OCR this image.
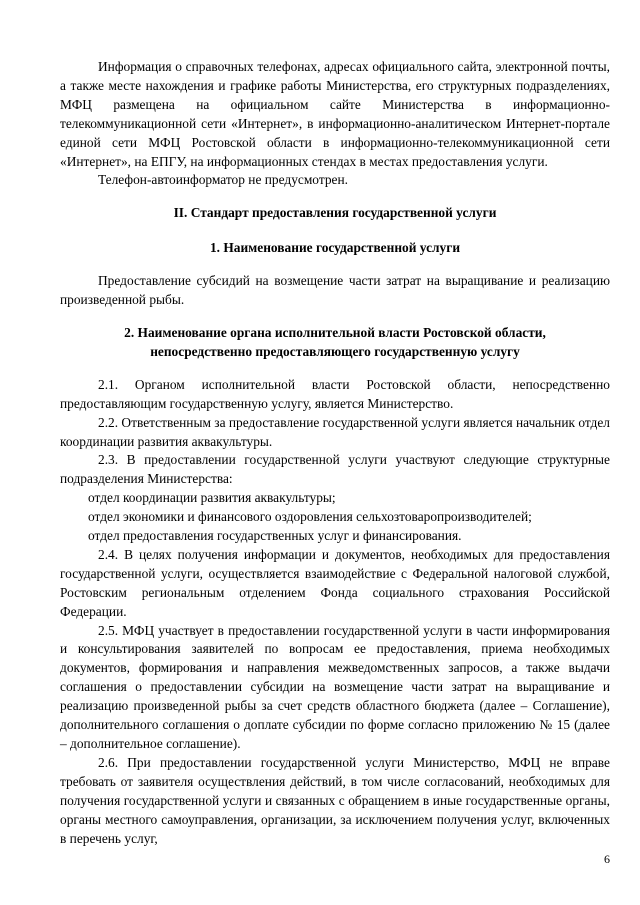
Информация о справочных телефонах, адресах официального сайта, электронной почты, а также месте нахождения и графике работы Министерства, его структурных подразделениях, МФЦ размещена на официальном сайте Министерства в информационно-телекоммуникационной сети «Интернет», в информационно-аналитическом Интернет-портале единой сети МФЦ Ростовской области в информационно-телекоммуникационной сети «Интернет», на ЕПГУ, на информационных стендах в местах предоставления услуги.

Телефон-автоинформатор не предусмотрен.

II. Стандарт предоставления государственной услуги

1. Наименование государственной услуги

Предоставление субсидий на возмещение части затрат на выращивание и реализацию произведенной рыбы.

2. Наименование органа исполнительной власти Ростовской области,
непосредственно предоставляющего государственную услугу

2.1. Органом исполнительной власти Ростовской области, непосредственно предоставляющим государственную услугу, является Министерство.

2.2. Ответственным за предоставление государственной услуги является начальник отдел координации развития аквакультуры.

2.3. В предоставлении государственной услуги участвуют следующие структурные подразделения Министерства:

отдел координации развития аквакультуры;

отдел экономики и финансового оздоровления сельхозтоваропроизводителей;

отдел предоставления государственных услуг и финансирования.

2.4. В целях получения информации и документов, необходимых для предоставления государственной услуги, осуществляется взаимодействие с Федеральной налоговой службой, Ростовским региональным отделением Фонда социального страхования Российской Федерации.

2.5. МФЦ участвует в предоставлении государственной услуги в части информирования и консультирования заявителей по вопросам ее предоставления, приема необходимых документов, формирования и направления межведомственных запросов, а также выдачи соглашения о предоставлении субсидии на возмещение части затрат на выращивание и реализацию произведенной рыбы за счет средств областного бюджета (далее – Соглашение), дополнительного соглашения о доплате субсидии по форме согласно приложению № 15 (далее – дополнительное соглашение).

2.6. При предоставлении государственной услуги Министерство, МФЦ не вправе требовать от заявителя осуществления действий, в том числе согласований, необходимых для получения государственной услуги и связанных с обращением в иные государственные органы, органы местного самоуправления, организации, за исключением получения услуг, включенных в перечень услуг,

6
